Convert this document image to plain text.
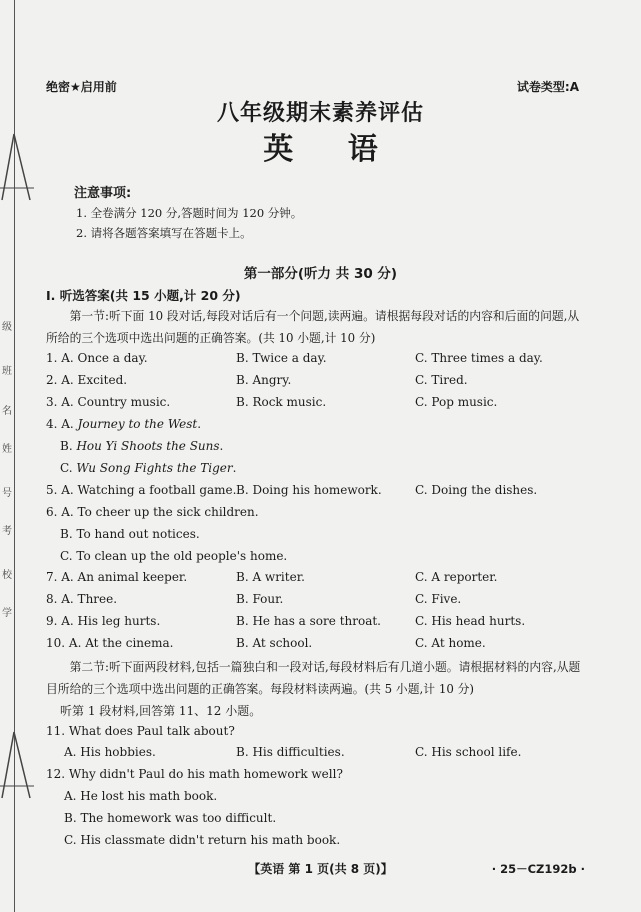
级
班
名
姓
号
考
校
学
绝密★启用前	试卷类型:A
八年级期末素养评估
英 语
注意事项:
1. 全卷满分 120 分,答题时间为 120 分钟。
2. 请将各题答案填写在答题卡上。
第一部分(听力 共 30 分)
Ⅰ. 听选答案(共 15 小题,计 20 分)
第一节:听下面 10 段对话,每段对话后有一个问题,读两遍。请根据每段对话的内容和后面的问题,从所给的三个选项中选出问题的正确答案。(共 10 小题,计 10 分)
1. A. Once a day.	B. Twice a day.	C. Three times a day.
2. A. Excited.	B. Angry.	C. Tired.
3. A. Country music.	B. Rock music.	C. Pop music.
4. A. Journey to the West.
B. Hou Yi Shoots the Suns.
C. Wu Song Fights the Tiger.
5. A. Watching a football game. B. Doing his homework.	C. Doing the dishes.
6. A. To cheer up the sick children.
B. To hand out notices.
C. To clean up the old people's home.
7. A. An animal keeper.	B. A writer.	C. A reporter.
8. A. Three.	B. Four.	C. Five.
9. A. His leg hurts.	B. He has a sore throat.	C. His head hurts.
10. A. At the cinema.	B. At school.	C. At home.
第二节:听下面两段材料,包括一篇独白和一段对话,每段材料后有几道小题。请根据材料的内容,从题目所给的三个选项中选出问题的正确答案。每段材料读两遍。(共 5 小题,计 10 分)
听第 1 段材料,回答第 11、12 小题。
11. What does Paul talk about?
A. His hobbies.	B. His difficulties.	C. His school life.
12. Why didn't Paul do his math homework well?
A. He lost his math book.
B. The homework was too difficult.
C. His classmate didn't return his math book.
【英语 第 1 页(共 8 页)】	· 25－CZ192b ·
